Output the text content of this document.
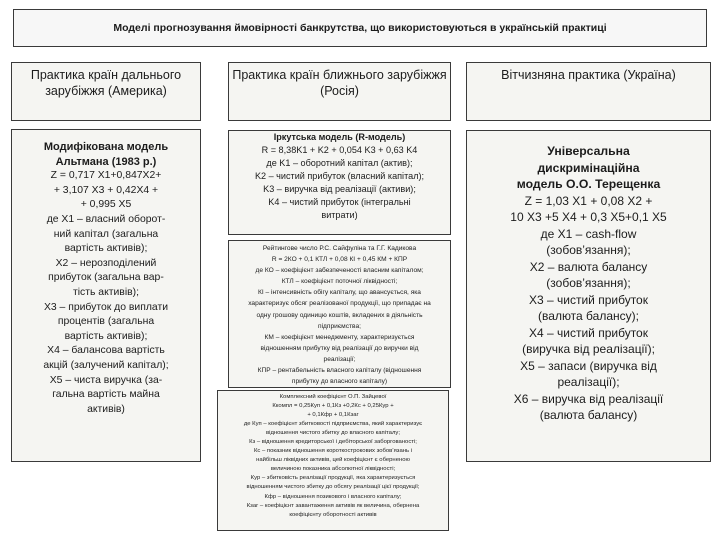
Моделі прогнозування ймовірності банкрутства, що використовуються в українській практиці
Практика країн дальнього зарубіжжя (Америка)
Практика країн ближнього зарубіжжя (Росія)
Вітчизняна практика (Україна)
Модифікована модель Альтмана (1983 р.)
Z = 0,717 X1+0,847X2+
+ 3,107 X3 + 0,42X4 +
+ 0,995 X5
де X1 – власний оборот-
ний капітал (загальна
вартість активів);
X2 – нерозподілений
прибуток (загальна вар-
тість активів);
X3 – прибуток до виплати
процентів (загальна
вартість активів);
X4 – балансова вартість
акцій (залучений капітал);
X5 – чиста виручка (за-
гальна вартість майна
активів)
Іркутська модель (R-модель)
R = 8,38K1 + K2 + 0,054 K3 + 0,63 K4
де K1 – оборотний капітал (актив);
K2 – чистий прибуток (власний капітал);
K3 – виручка від реалізації (активи);
K4 – чистий прибуток (інтегральні
витрати)
Рейтингове число Р.С. Сайфуліна та Г.Г. Кадикова
R = 2КО + 0,1 КТЛ + 0,08 КІ + 0,45 КМ + КПР
де КО – коефіцієнт забезпеченості власним капіталом;
КТЛ – коефіцієнт поточної ліквідності;
КІ – інтенсивність обігу капіталу, що авансується, яка
характеризує обсяг реалізованої продукції, що припадає на
одну грошову одиницю коштів, вкладених в діяльність
підприємства;
КМ – коефіцієнт менеджменту, характеризується
відношенням прибутку від реалізації до виручки від
реалізації;
КПР – рентабельність власного капіталу (відношення
прибутку до власного капіталу)
Комплексний коефіцієнт О.П. Зайцевої
Ккомпл = 0,25Куп + 0,1Кз +0,2Кс + 0,25Кур +
+ 0,1Кфр + 0,1Кзаг
де Куп – коефіцієнт збитковості підприємства, який характеризує
відношення чистого збитку до власного капіталу;
Кз – відношення кредиторської і дебіторської заборгованості;
Кс – показник відношення короткострокових зобов’язань і
найбільш ліквідних активів, цей коефіцієнт є оберненою
величиною показника абсолютної ліквідності;
Кур – збитковість реалізації продукції, яка характеризується
відношенням чистого збитку до обсягу реалізації цієї продукції;
Кфр – відношення позикового і власного капіталу;
Кзаг – коефіцієнт завантаження активів як величина, обернена
коефіцієнту оборотності активів
Універсальна
дискримінаційна
модель О.О. Терещенка
Z = 1,03 X1 + 0,08 X2 +
10 X3 +5 X4 + 0,3 X5+0,1 X5
де X1 – cash-flow
(зобов’язання);
X2 – валюта балансу
(зобов’язання);
X3 – чистий прибуток
(валюта балансу);
X4 – чистий прибуток
(виручка від реалізації);
X5 – запаси (виручка від
реалізації);
X6 – виручка від реалізації
(валюта балансу)
